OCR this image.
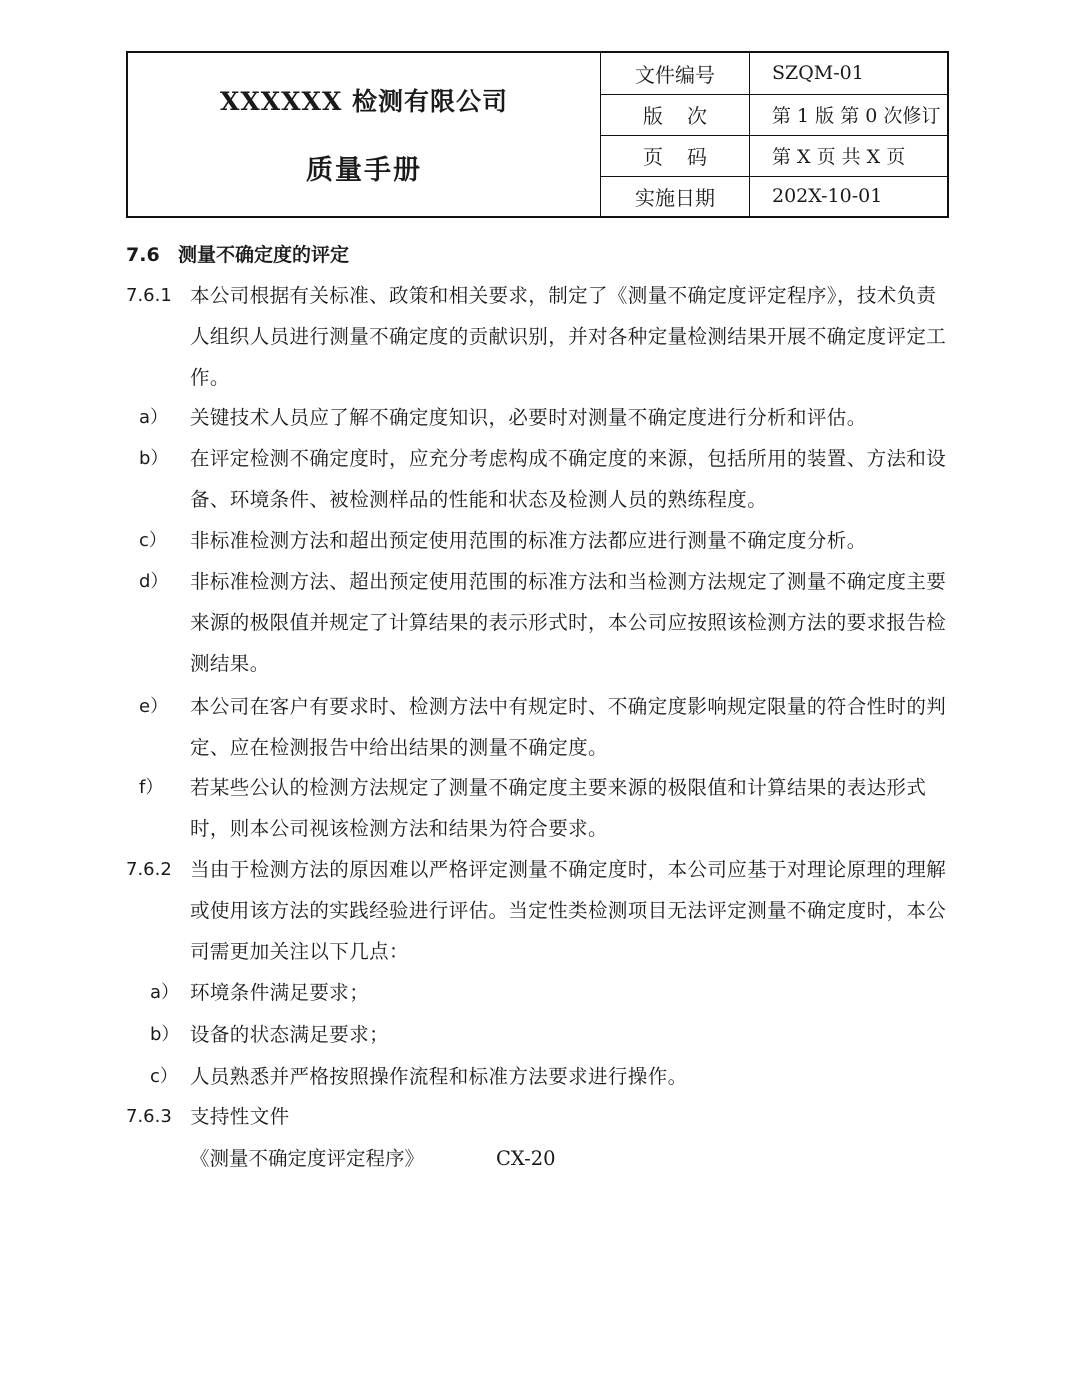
XXXXXX 检测有限公司
质量手册	文件编号	SZQM-01
	版次	第 1 版 第 0 次修订
	页码	第 X 页 共 X 页
	实施日期	202X-10-01
7.6 测量不确定度的评定
7.6.1 本公司根据有关标准、政策和相关要求，制定了《测量不确定度评定程序》，技术负责人组织人员进行测量不确定度的贡献识别，并对各种定量检测结果开展不确定度评定工作。
a） 关键技术人员应了解不确定度知识，必要时对测量不确定度进行分析和评估。
b） 在评定检测不确定度时，应充分考虑构成不确定度的来源，包括所用的装置、方法和设备、环境条件、被检测样品的性能和状态及检测人员的熟练程度。
c） 非标准检测方法和超出预定使用范围的标准方法都应进行测量不确定度分析。
d） 非标准检测方法、超出预定使用范围的标准方法和当检测方法规定了测量不确定度主要来源的极限值并规定了计算结果的表示形式时，本公司应按照该检测方法的要求报告检测结果。
e） 本公司在客户有要求时、检测方法中有规定时、不确定度影响规定限量的符合性时的判定、应在检测报告中给出结果的测量不确定度。
f） 若某些公认的检测方法规定了测量不确定度主要来源的极限值和计算结果的表达形式时，则本公司视该检测方法和结果为符合要求。
7.6.2 当由于检测方法的原因难以严格评定测量不确定度时，本公司应基于对理论原理的理解或使用该方法的实践经验进行评估。当定性类检测项目无法评定测量不确定度时，本公司需更加关注以下几点：
a） 环境条件满足要求；
b） 设备的状态满足要求；
c） 人员熟悉并严格按照操作流程和标准方法要求进行操作。
7.6.3 支持性文件
《测量不确定度评定程序》	CX-20
